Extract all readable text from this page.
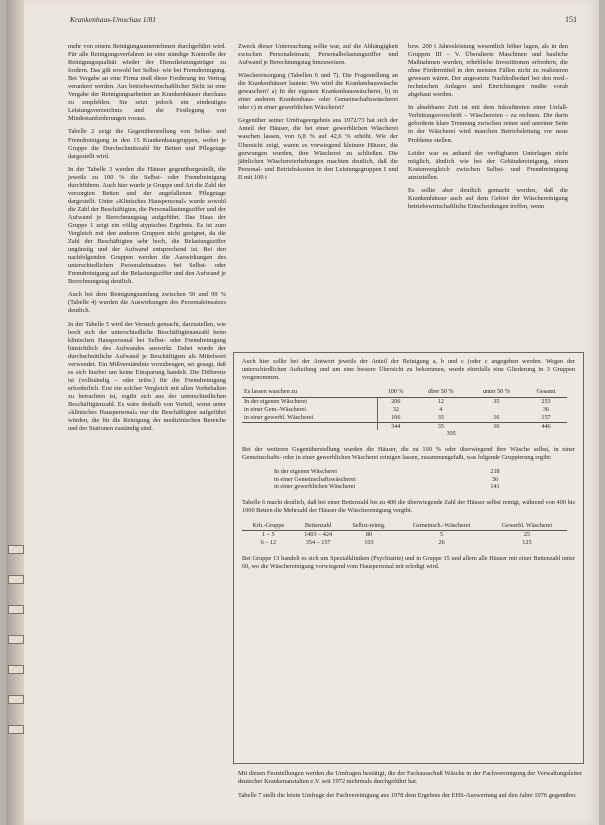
Krankenhaus-Umschau 1/81	151

mehr von einem Reinigungsunternehmen durchgeführt wird. Für alle Reinigungsverfahren ist eine ständige Kontrolle der Reinigungsqualität wieder der Dienstleistungsträger zu fordern. Das gilt sowohl bei Selbst- wie bei Fremdreinigung. Bei Vergabe an eine Firma muß diese Forderung im Vertrag verankert werden. Aus betriebswirtschaftlicher Sicht ist eine Vergabe der Reinigungsarbeiten an Krankenhäuser durchaus zu empfehlen. Sie setzt jedoch ein eindeutiges Leistungsverzeichnis und die Festlegung von Mindestanforderungen voraus.

Tabelle 2 zeigt die Gegenüberstellung von Selbst- und Fremdreinigung in den 15 Krankenhausgruppen, wobei je Gruppe die Durchschnittszahl für Betten und Pflegetage dargestellt wird.

In der Tabelle 3 werden die Häuser gegenübergestellt, die jeweils zu 100 % die Selbst- oder Fremdreinigung durchführen. Auch hier wurde je Gruppe und Art die Zahl der versorgten Betten und der angefallenen Pflegetage dargestellt. Unter »Klinisches Hauspersonal« wurde sowohl die Zahl der Beschäftigten, die Personallastungsziffer und der Aufwand je Berechnungstag aufgeführt. Das Haus der Gruppe 1 zeigt ein völlig atypisches Ergebnis. Es ist zum Vergleich mit den anderen Gruppen nicht geeignet, da die Zahl der Beschäftigten sehr hoch, die Belastungsziffer ungünstig und der Aufwand entsprechend ist. Bei den nachfolgenden Gruppen werden die Auswirkungen des unterschiedlichen Personaleinsatzes bei Selbst- oder Fremdreinigung auf die Belastungsziffer und den Aufwand je Berechnungstag deutlich.

Auch bei dem Reinigungsumfang zwischen 50 und 99 % (Tabelle 4) wurden die Auswirkungen des Personaleinsatzes deutlich.

In der Tabelle 5 wird der Versuch gemacht, darzustellen, wie hoch sich der unterschiedliche Beschäftigtenanzahl beim klinischen Hauspersonal bei Selbst- oder Fremdreinigung hinsichtlich des Aufwandes auswirkt. Dabei wurde der durchschnittliche Aufwand je Beschäftigten als Mittelwert verwendet. Ein Mißverständnis vorzubeugen, sei gesagt, daß es sich hierbei um keine Einsparung handelt. Die Differenz ist (vollständig – oder teilw.) für die Fremdreinigung erforderlich. Erst ein solcher Vergleich mit allen Vorbehalten zu betrachten ist, ergibt sich aus der unterschiedlichen Beschäftigtenzahl. Es wäre deshalb von Vorteil, wenn unter »klinisches Hauspersonal« nur die Beschäftigten aufgeführt würden, die für die Reinigung der medizinischen Bereiche und der Stationen zuständig sind.

Zweck dieser Untersuchung sollte war, auf die Abhängigkeit zwischen Personaleinsatz, Personalbelastungsziffer und Aufwand je Berechnungstag hinzuweisen.

Wäschereisorgung (Tabellen 6 und 7). Die Fragestellung an die Krankenhäuser lautete: Wo wird die Krankenhauswäsche gewaschen? a) In der eigenen Krankenhauswäscherei, b) in einer anderen Krankenhaus- oder Gemeinschaftswäscherei oder c) in einer gewerblichen Wäscherei?

Gegenüber seiner Umfrageergebnis aus 1972/73 hat sich der Anteil der Häuser, die bei einer gewerblichen Wäscherei waschen lassen, von 6,8 % auf 42,6 % erhöht. Wie der Übersicht zeigt, waren es vorwiegend kleinere Häuser, die gezwungen wurden, ihre Wäscherei zu schließen. Die jährlichen Wäschereierhebungen machten deutlich, daß die Personal- und Betriebskosten in den Leistungsgruppen I und II mit 100 t

bzw. 200 t Jahresleistung wesentlich höher lagen, als in den Gruppen III – V. Überalterte Maschinen und bauliche Maßnahmen wurden, erhebliche Investitionen erfordern, die ohne Fördermittel in den meisten Fällen nicht zu realisieren gewesen wären. Der angesetzte Nachholbedarf bei den med.-technischen Anlagen und Einrichtungen mußte vorab abgebaut werden.

In absehbarer Zeit ist mit dem Inkrafttreten einer Unfall-Verhütungsvorschrift – Wäschereien – zu rechnen. Die darin geforderte klare Trennung zwischen reiner und unreiner Seite in der Wäscherei wird manchen Betriebsleitung vor neue Probleme stellen.

Leider war es anhand der verfügbaren Unterlagen nicht möglich, ähnlich wie bei der Gebäudereinigung, einen Kostenvergleich zwischen Selbst- und Fremdreinigung anzustellen.

Es sollte aber deutlich gemacht werden, daß die Krankenhäuser auch auf dem Gebiet der Wäschereinigung betriebswirtschaftliche Entscheidungen treffen, wenn

Auch hier sollte bei der Antwort jeweils der Anteil der Reinigung a, b und c (oder c angegeben werden. Wegen der unterschiedlichen Aufteilung und um eine bessere Übersicht zu bekommen, wurde ebenfalls eine Gliederung in 3 Gruppen vorgenommen.

Es lassen waschen zu	100 %	über 50 %	unter 50 %	Gesamt
In der eigenen Wäscherei	206	12	35	253
in einer Gem.-Wäscherei	32	4		36
in einer gewerbl. Wäscherei	106	35	16	157
	344	35	16	446
	395			

Bei der weiteren Gegenüberstellung wurden die Häuser, die zu 100 % oder überwiegend ihre Wäsche selbst, in einer Gemeinschafts- oder in einer gewerblichen Wäscherei reinigen lassen, zusammengefaßt, was folgende Gruppierung ergibt:

In der eigenen Wäscherei	218
in einer Gemeinschaftswäscherei	36
in einer gewerblichen Wäscherei	141

Tabelle 6 macht deutlich, daß bei einer Bettenzahl bis zu 400 die überwiegende Zahl der Häuser selbst reinigt, während von 400 bis 1000 Betten die Mehrzahl der Häuser die Wäschereinigung vergibt.

Krh.-Gruppe	Bettenzahl	Selbst-reinig.	Gemeinsch.-Wäscherei	Gewerbl. Wäscherei
1 – 5	1403 – 424	80	5	25
6 – 12	354 – 157	103	26	125

Bei Gruppe 13 handelt es sich um Spezialkliniken (Psychiatrie) und in Gruppe 15 und allem alle Häuser mit einer Bettenzahl unter 60, wo die Wäschereinigung vorwiegend vom Hauspersonal mit erledigt wird.

Mit diesen Feststellungen werden die Umfragen bestätigt, die der Fachausschuß Wäsche in der Fachvereinigung der Verwaltungsleiter deutscher Krankenanstalten e.V. seit 1972 mehrmals durchgeführt hat.

Tabelle 7 stellt die letzte Umfrage der Fachvereinigung aus 1978 dem Ergebnis der EHS-Auswertung auf den Jahre 1976 gegenüber.
